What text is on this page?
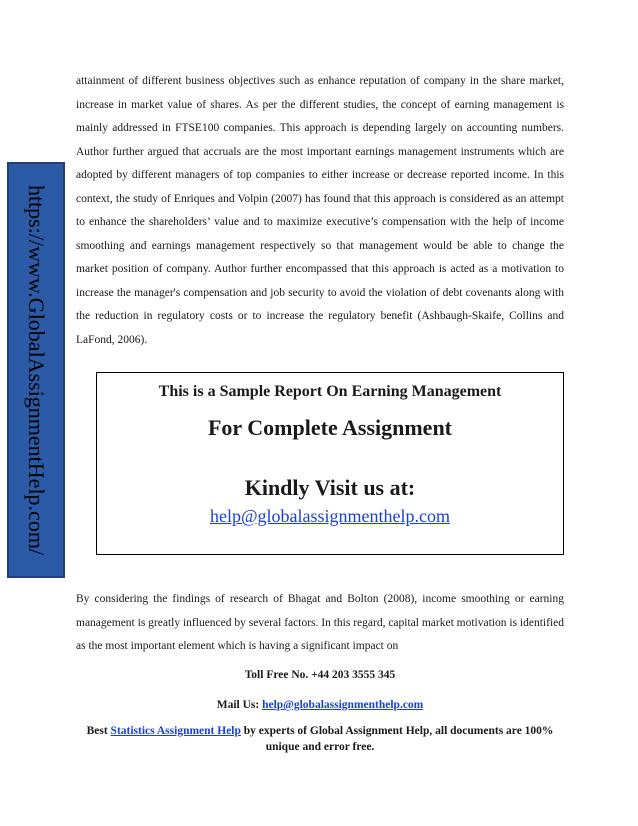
https://www.GlobalAssignmentHelp.com/

attainment of different business objectives such as enhance reputation of company in the share market, increase in market value of shares. As per the different studies, the concept of earning management is mainly addressed in FTSE100 companies. This approach is depending largely on accounting numbers. Author further argued that accruals are the most important earnings management instruments which are adopted by different managers of top companies to either increase or decrease reported income. In this context, the study of Enriques and Volpin (2007) has found that this approach is considered as an attempt to enhance the shareholders’ value and to maximize executive’s compensation with the help of income smoothing and earnings management respectively so that management would be able to change the market position of company. Author further encompassed that this approach is acted as a motivation to increase the manager's compensation and job security to avoid the violation of debt covenants along with the reduction in regulatory costs or to increase the regulatory benefit (Ashbaugh-Skaife, Collins and LaFond, 2006).

This is a Sample Report On Earning Management
For Complete Assignment
Kindly Visit us at:
help@globalassignmenthelp.com

By considering the findings of research of Bhagat and Bolton (2008), income smoothing or earning management is greatly influenced by several factors. In this regard, capital market motivation is identified as the most important element which is having a significant impact on

Toll Free No. +44 203 3555 345

Mail Us: help@globalassignmenthelp.com

Best Statistics Assignment Help by experts of Global Assignment Help, all documents are 100% unique and error free.
